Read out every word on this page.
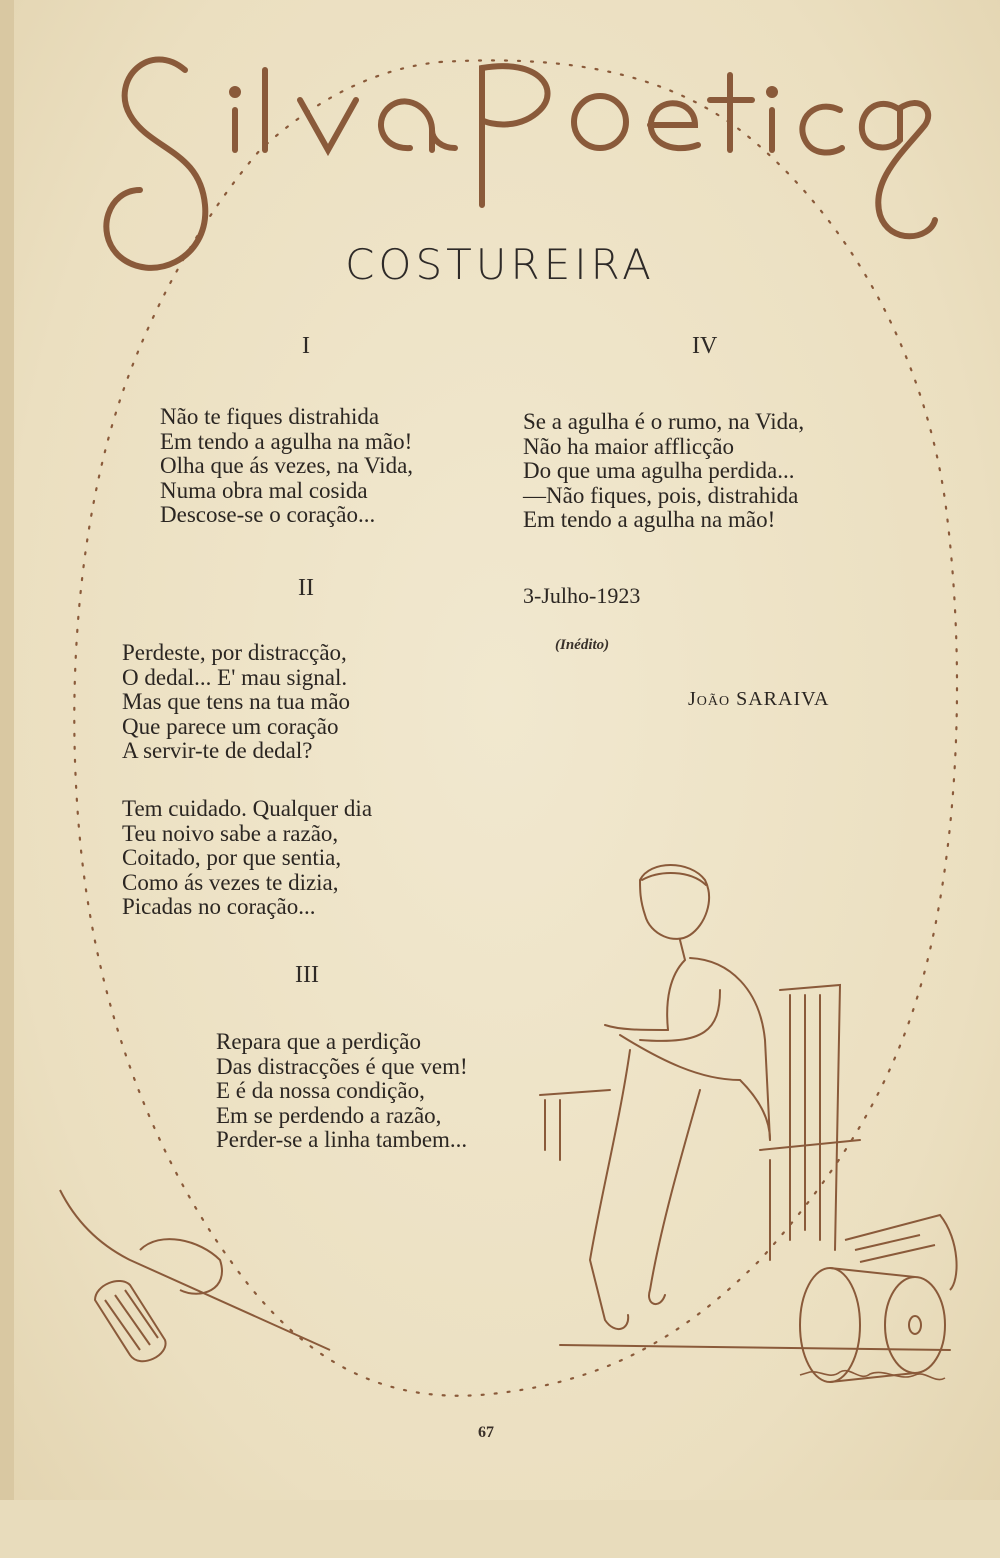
COSTUREIRA
I
Não te fiques distrahida
Em tendo a agulha na mão!
Olha que ás vezes, na Vida,
Numa obra mal cosida
Descose-se o coração...
II
Perdeste, por distracção,
O dedal... E' mau signal.
Mas que tens na tua mão
Que parece um coração
A servir-te de dedal?
Tem cuidado. Qualquer dia
Teu noivo sabe a razão,
Coitado, por que sentia,
Como ás vezes te dizia,
Picadas no coração...
III
Repara que a perdição
Das distracções é que vem!
E é da nossa condição,
Em se perdendo a razão,
Perder-se a linha tambem...
IV
Se a agulha é o rumo, na Vida,
Não ha maior afflicção
Do que uma agulha perdida...
—Não fiques, pois, distrahida
Em tendo a agulha na mão!
3-Julho-1923
(Inédito)
João SARAIVA
67
